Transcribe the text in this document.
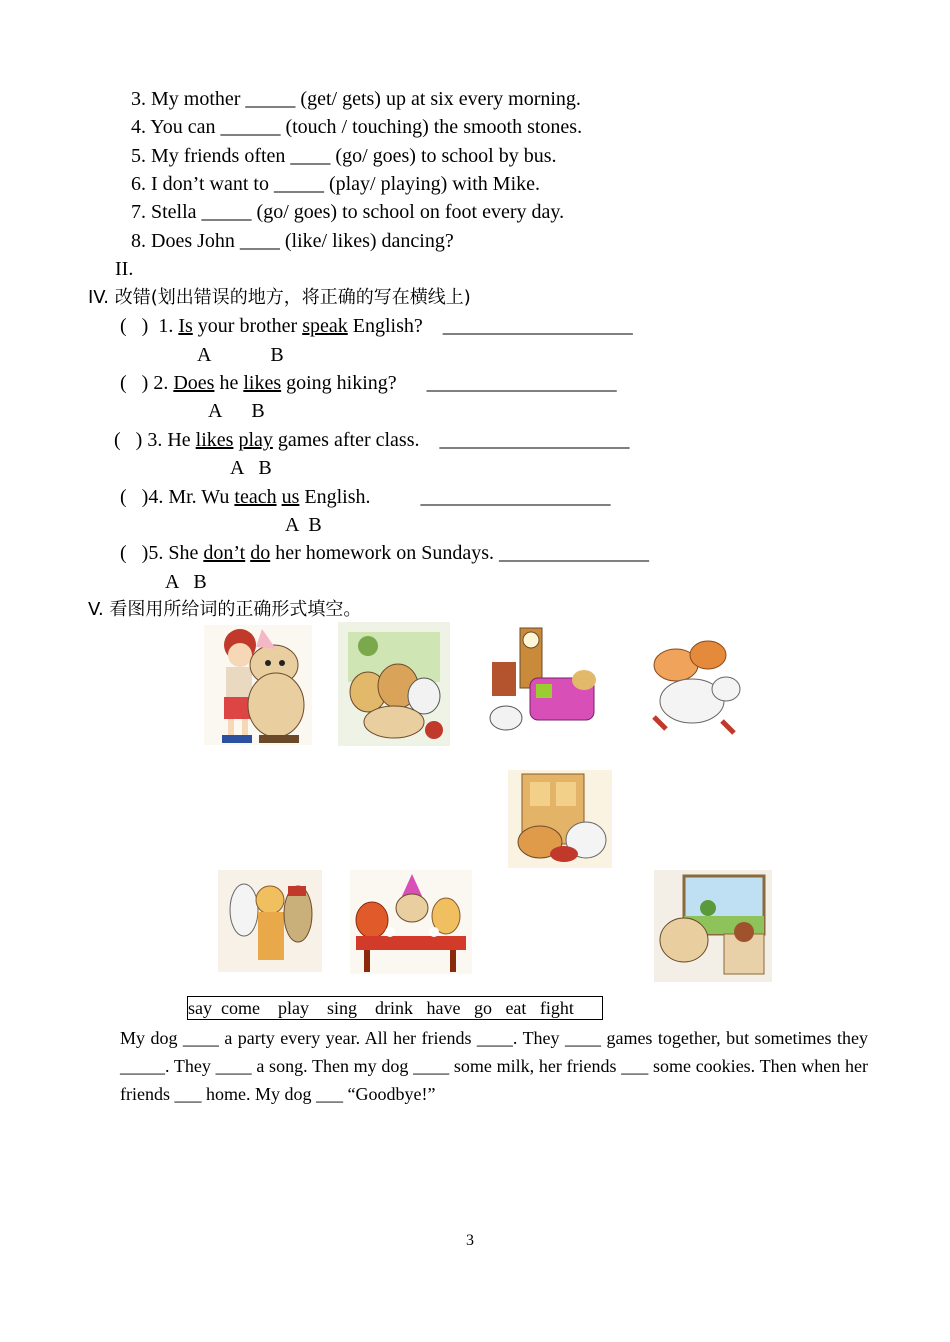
3. My mother _____ (get/ gets) up at six every morning.
4. You can ______ (touch / touching) the smooth stones.
5. My friends often ____ (go/ goes) to school by bus.
6. I don’t want to _____ (play/ playing) with Mike.
7. Stella _____ (go/ goes) to school on foot every day.
8. Does John ____ (like/ likes) dancing?
II.
IV. 改错(划出错误的地方，将正确的写在横线上)
(   )  1. Is your brother speak English?    ___________________
A            B
(   ) 2. Does he likes going hiking?      ___________________
A      B
(   ) 3. He likes play games after class.    ___________________
A   B
(   )4. Mr. Wu teach us English.          ___________________
A  B
(   )5. She don’t do her homework on Sundays. _______________
A   B
V. 看图用所给词的正确形式填空。
say  come    play    sing    drink   have   go   eat   fight
My dog ____ a party every year. All her friends ____. They ____ games together, but sometimes they _____. They ____ a song. Then my dog ____ some milk, her friends ___ some cookies. Then when her friends ___ home. My dog ___ “Goodbye!”
3
